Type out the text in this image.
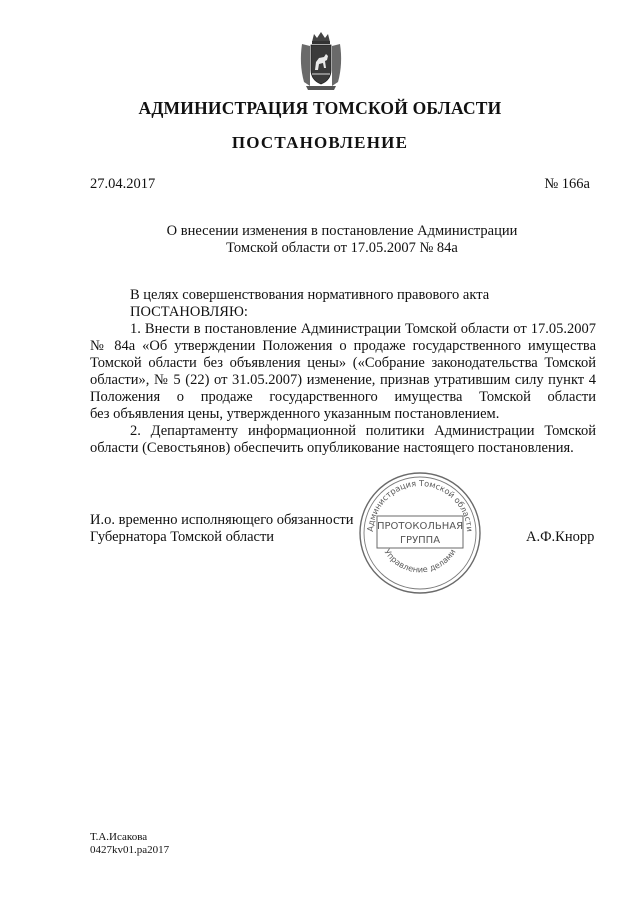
АДМИНИСТРАЦИЯ ТОМСКОЙ ОБЛАСТИ
ПОСТАНОВЛЕНИЕ
27.04.2017	№ 166а
О внесении изменения в постановление Администрации
Томской области от 17.05.2007 № 84а
В целях совершенствования нормативного правового акта
ПОСТАНОВЛЯЮ:
1. Внести в постановление Администрации Томской области от 17.05.2007
№ 84а «Об утверждении Положения о продаже государственного имущества
Томской области без объявления цены» («Собрание законодательства Томской
области», № 5 (22) от 31.05.2007) изменение, признав утратившим силу пункт 4
Положения о продаже государственного имущества Томской области
без объявления цены, утвержденного указанным постановлением.
2. Департаменту информационной политики Администрации Томской
области (Севостьянов) обеспечить опубликование настоящего постановления.
И.о. временно исполняющего обязанности
Губернатора Томской области	А.Ф.Кнорр
Администрация Томской области
ПРОТОКОЛЬНАЯ
ГРУППА
Управление делами
Т.А.Исакова
0427kv01.ра2017
